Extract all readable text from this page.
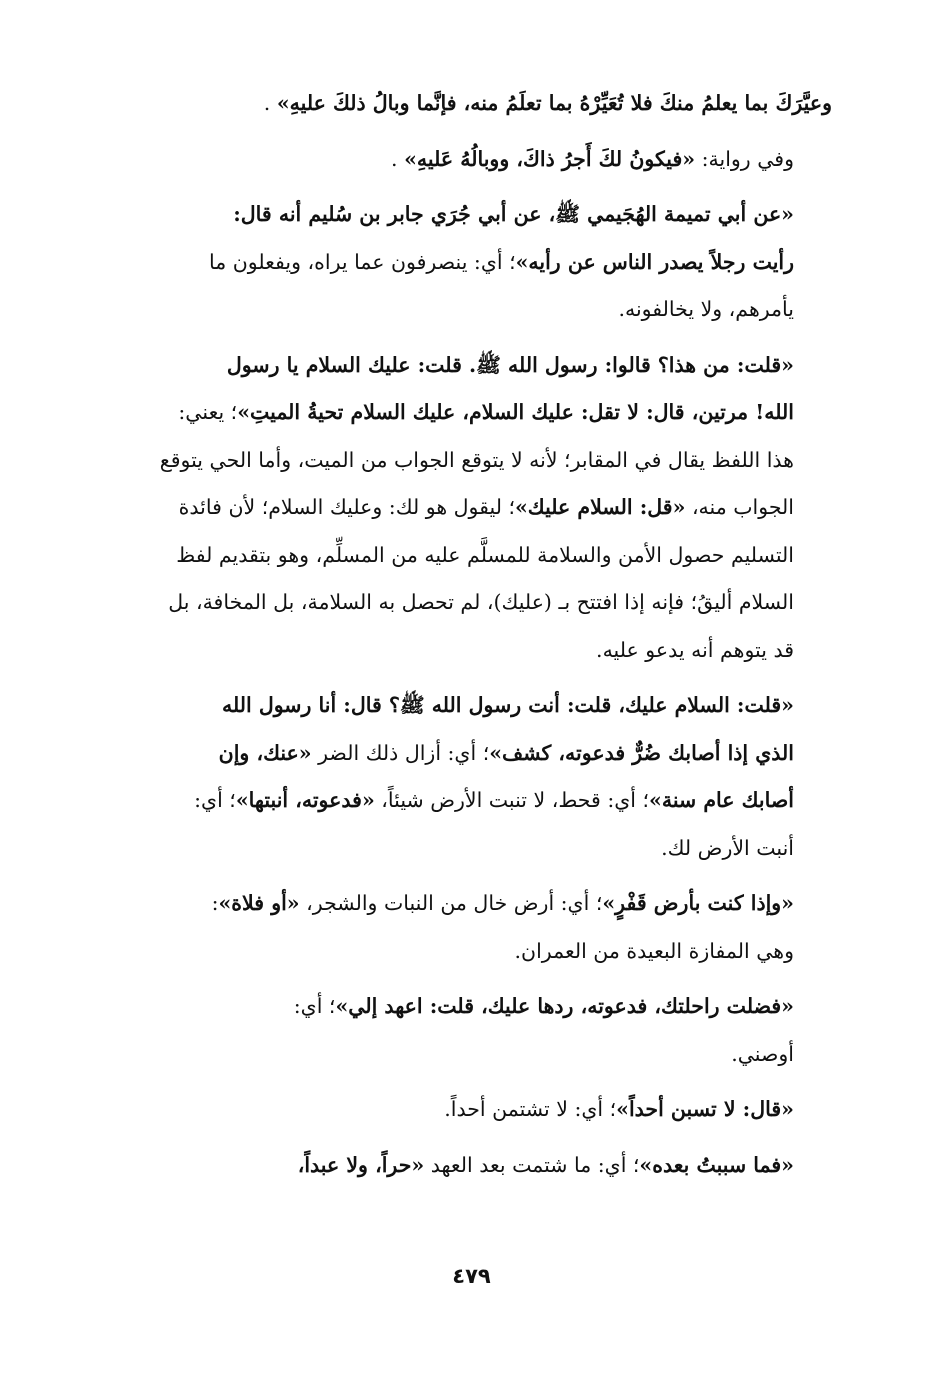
وعيَّرَكَ بما يعلمُ منكَ فلا تُعَيِّرْهُ بما تعلَمُ منه، فإنَّما وبالُ ذلكَ عليهِ» .
وفي رواية: «فيكونُ لكَ أَجرُ ذاكَ، ووبالُهُ عَليهِ» .
«عن أبي تميمة الهُجَيمي ﷺ، عن أبي جُرَي جابر بن سُليم أنه قال:
رأيت رجلاً يصدر الناس عن رأيه»؛ أي: ينصرفون عما يراه، ويفعلون ما
يأمرهم، ولا يخالفونه.
«قلت: من هذا؟ قالوا: رسول الله ﷺ. قلت: عليك السلام يا رسول
الله! مرتين، قال: لا تقل: عليك السلام، عليك السلام تحيةُ الميتِ»؛ يعني:
هذا اللفظ يقال في المقابر؛ لأنه لا يتوقع الجواب من الميت، وأما الحي يتوقع
الجواب منه، «قل: السلام عليك»؛ ليقول هو لك: وعليك السلام؛ لأن فائدة
التسليم حصول الأمن والسلامة للمسلَّم عليه من المسلِّم، وهو بتقديم لفظ
السلام أليقُ؛ فإنه إذا افتتح بـ (عليك)، لم تحصل به السلامة، بل المخافة، بل
قد يتوهم أنه يدعو عليه.
«قلت: السلام عليك، قلت: أنت رسول الله ﷺ؟ قال: أنا رسول الله
الذي إذا أصابك ضُرٌّ فدعوته، كشف»؛ أي: أزال ذلك الضر «عنك، وإن
أصابك عام سنة»؛ أي: قحط، لا تنبت الأرض شيئاً، «فدعوته، أنبتها»؛ أي:
أنبت الأرض لك.
«وإذا كنت بأرض قَفْرٍ»؛ أي: أرض خال من النبات والشجر، «أو فلاة»:
وهي المفازة البعيدة من العمران.
«فضلت راحلتك، فدعوته، ردها عليك، قلت: اعهد إلي»؛ أي:
أوصني.
«قال: لا تسبن أحداً»؛ أي: لا تشتمن أحداً.
«فما سببتُ بعده»؛ أي: ما شتمت بعد العهد «حراً، ولا عبداً،
٤٧٩
